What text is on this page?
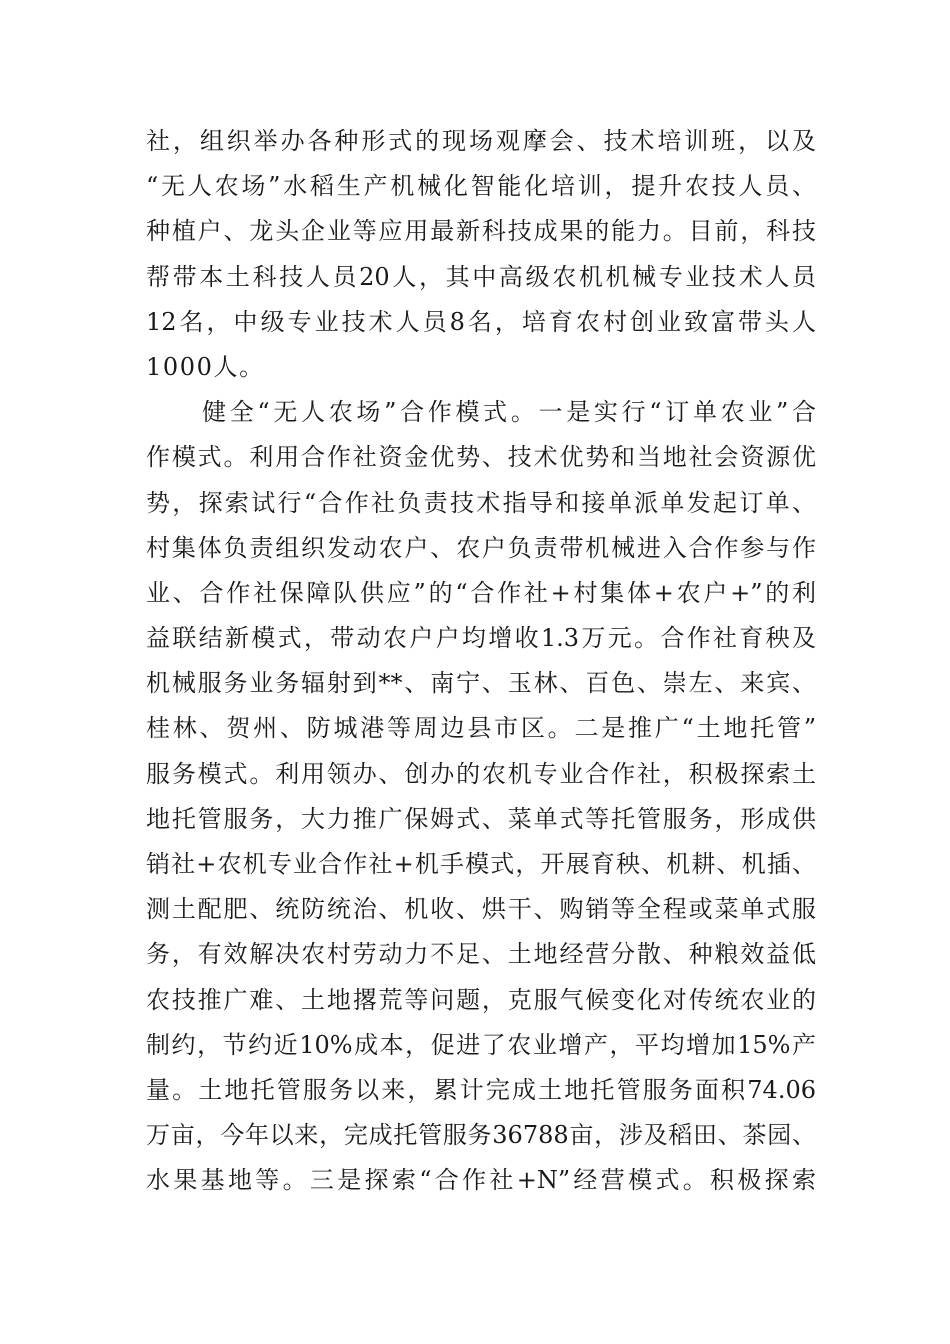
社，组织举办各种形式的现场观摩会、技术培训班，以及
“无人农场”水稻生产机械化智能化培训，提升农技人员、
种植户、龙头企业等应用最新科技成果的能力。目前，科技
帮带本土科技人员20人，其中高级农机机械专业技术人员
12名，中级专业技术人员8名，培育农村创业致富带头人
1000人。
健全“无人农场”合作模式。一是实行“订单农业”合
作模式。利用合作社资金优势、技术优势和当地社会资源优
势，探索试行“合作社负责技术指导和接单派单发起订单、
村集体负责组织发动农户、农户负责带机械进入合作参与作
业、合作社保障队供应”的“合作社+村集体+农户+”的利
益联结新模式，带动农户户均增收1.3万元。合作社育秧及
机械服务业务辐射到**、南宁、玉林、百色、崇左、来宾、
桂林、贺州、防城港等周边县市区。二是推广“土地托管”
服务模式。利用领办、创办的农机专业合作社，积极探索土
地托管服务，大力推广保姆式、菜单式等托管服务，形成供
销社+农机专业合作社+机手模式，开展育秧、机耕、机插、
测土配肥、统防统治、机收、烘干、购销等全程或菜单式服
务，有效解决农村劳动力不足、土地经营分散、种粮效益低
农技推广难、土地撂荒等问题，克服气候变化对传统农业的
制约，节约近10%成本，促进了农业增产，平均增加15%产
量。土地托管服务以来，累计完成土地托管服务面积74.06
万亩，今年以来，完成托管服务36788亩，涉及稻田、茶园、
水果基地等。三是探索“合作社+N”经营模式。积极探索
